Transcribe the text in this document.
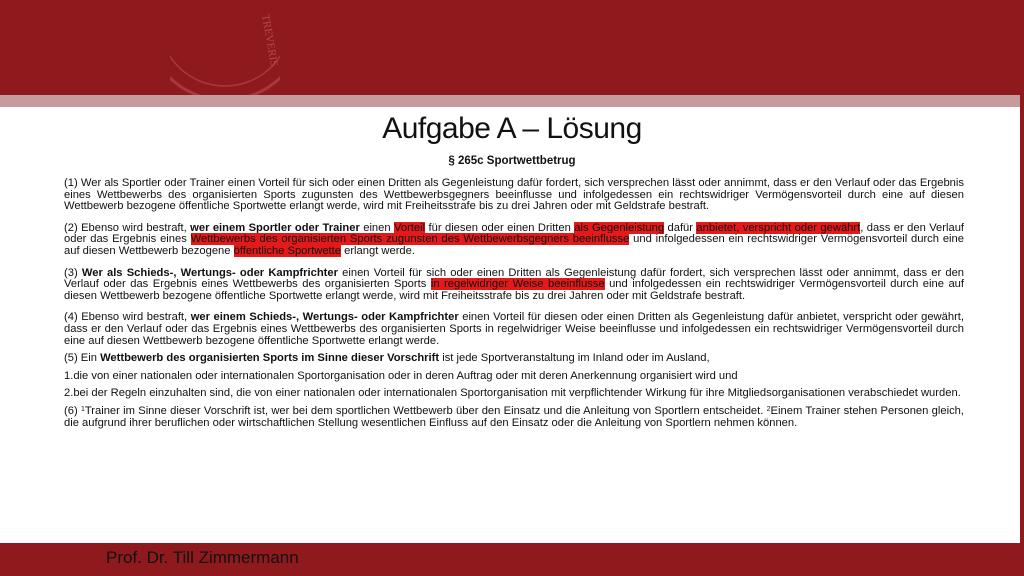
TREVERIS
Aufgabe A – Lösung
§ 265c Sportwettbetrug

(1) Wer als Sportler oder Trainer einen Vorteil für sich oder einen Dritten als Gegenleistung dafür fordert, sich versprechen lässt oder annimmt, dass er den Verlauf oder das Ergebnis eines Wettbewerbs des organisierten Sports zugunsten des Wettbewerbsgegners beeinflusse und infolgedessen ein rechtswidriger Vermögensvorteil durch eine auf diesen Wettbewerb bezogene öffentliche Sportwette erlangt werde, wird mit Freiheitsstrafe bis zu drei Jahren oder mit Geldstrafe bestraft.

(2) Ebenso wird bestraft, wer einem Sportler oder Trainer einen Vorteil für diesen oder einen Dritten als Gegenleistung dafür anbietet, verspricht oder gewährt, dass er den Verlauf oder das Ergebnis eines Wettbewerbs des organisierten Sports zugunsten des Wettbewerbsgegners beeinflusse und infolgedessen ein rechtswidriger Vermögensvorteil durch eine auf diesen Wettbewerb bezogene öffentliche Sportwette erlangt werde.

(3) Wer als Schieds-, Wertungs- oder Kampfrichter einen Vorteil für sich oder einen Dritten als Gegenleistung dafür fordert, sich versprechen lässt oder annimmt, dass er den Verlauf oder das Ergebnis eines Wettbewerbs des organisierten Sports in regelwidriger Weise beeinflusse und infolgedessen ein rechtswidriger Vermögensvorteil durch eine auf diesen Wettbewerb bezogene öffentliche Sportwette erlangt werde, wird mit Freiheitsstrafe bis zu drei Jahren oder mit Geldstrafe bestraft.

(4) Ebenso wird bestraft, wer einem Schieds-, Wertungs- oder Kampfrichter einen Vorteil für diesen oder einen Dritten als Gegenleistung dafür anbietet, verspricht oder gewährt, dass er den Verlauf oder das Ergebnis eines Wettbewerbs des organisierten Sports in regelwidriger Weise beeinflusse und infolgedessen ein rechtswidriger Vermögensvorteil durch eine auf diesen Wettbewerb bezogene öffentliche Sportwette erlangt werde.

(5) Ein Wettbewerb des organisierten Sports im Sinne dieser Vorschrift ist jede Sportveranstaltung im Inland oder im Ausland,

1.die von einer nationalen oder internationalen Sportorganisation oder in deren Auftrag oder mit deren Anerkennung organisiert wird und

2.bei der Regeln einzuhalten sind, die von einer nationalen oder internationalen Sportorganisation mit verpflichtender Wirkung für ihre Mitgliedsorganisationen verabschiedet wurden.

(6) $^1$Trainer im Sinne dieser Vorschrift ist, wer bei dem sportlichen Wettbewerb über den Einsatz und die Anleitung von Sportlern entscheidet. $^2$Einem Trainer stehen Personen gleich, die aufgrund ihrer beruflichen oder wirtschaftlichen Stellung wesentlichen Einfluss auf den Einsatz oder die Anleitung von Sportlern nehmen können.

Prof. Dr. Till Zimmermann
